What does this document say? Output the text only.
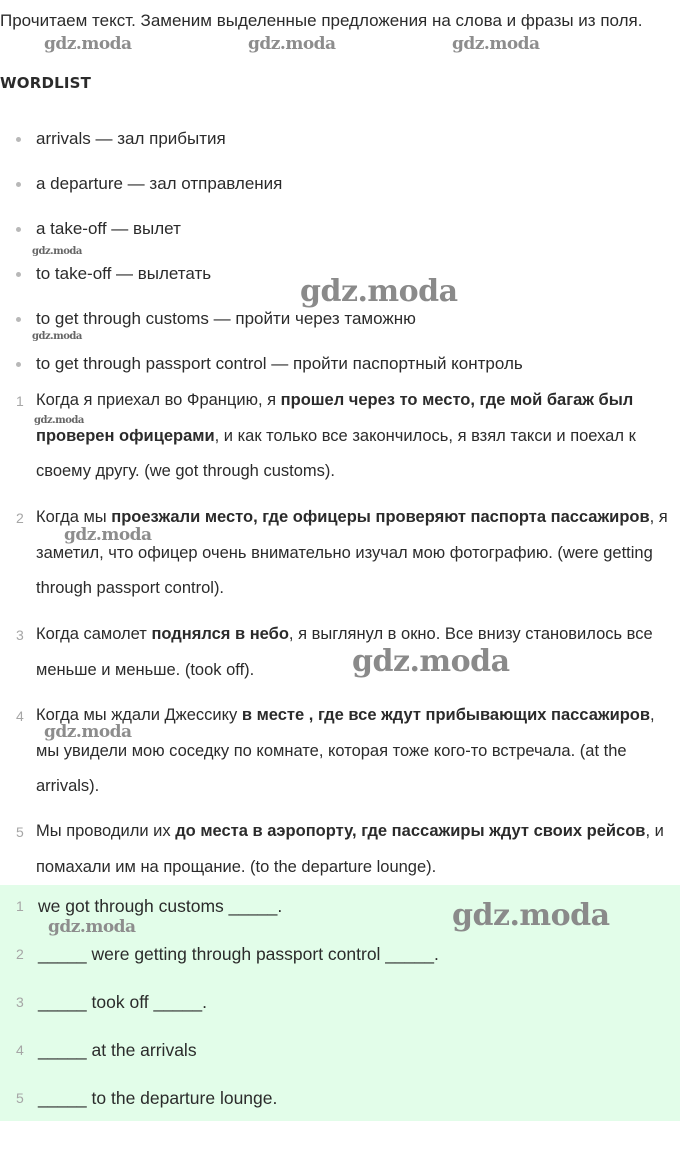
Прочитаем текст. Заменим выделенные предложения на слова и фразы из поля.
WORDLIST
arrivals — зал прибытия
a departure — зал отправления
a take-off — вылет
to take-off — вылетать
to get through customs — пройти через таможню
to get through passport control — пройти паспортный контроль
1 Когда я приехал во Францию, я прошел через то место, где мой багаж был проверен офицерами, и как только все закончилось, я взял такси и поехал к своему другу. (we got through customs).
2 Когда мы проезжали место, где офицеры проверяют паспорта пассажиров, я заметил, что офицер очень внимательно изучал мою фотографию. (were getting through passport control).
3 Когда самолет поднялся в небо, я выглянул в окно. Все внизу становилось все меньше и меньше. (took off).
4 Когда мы ждали Джессику в месте , где все ждут прибывающих пассажиров, мы увидели мою соседку по комнате, которая тоже кого-то встречала. (at the arrivals).
5 Мы проводили их до места в аэропорту, где пассажиры ждут своих рейсов, и помахали им на прощание. (to the departure lounge).
1 we got through customs _____.
2 _____ were getting through passport control _____.
3 _____ took off _____.
4 _____ at the arrivals
5 _____ to the departure lounge.
gdz.moda	gdz.moda	gdz.moda
gdz.moda
gdz.moda
gdz.moda
gdz.moda
gdz.moda
gdz.moda
gdz.moda
gdz.moda	gdz.moda
